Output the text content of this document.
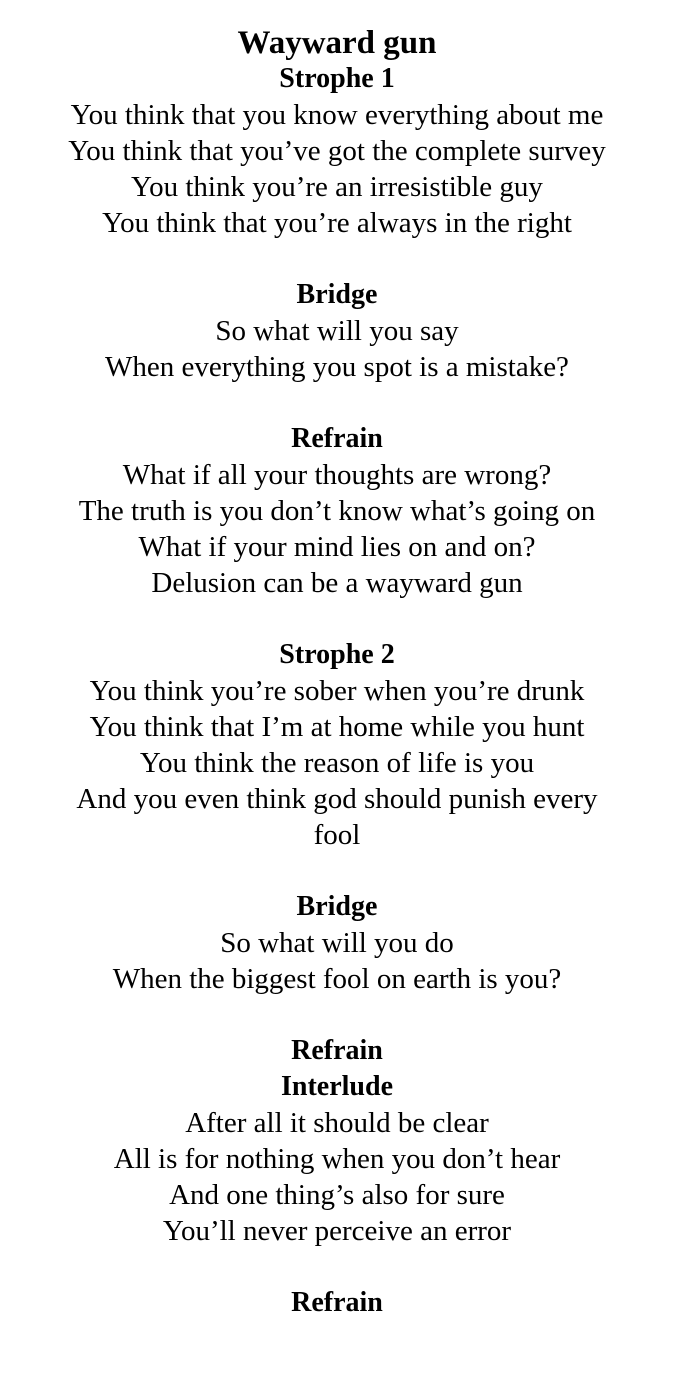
Wayward gun
Strophe 1
You think that you know everything about me
You think that you’ve got the complete survey
You think you’re an irresistible guy
You think that you’re always in the right
Bridge
So what will you say
When everything you spot is a mistake?
Refrain
What if all your thoughts are wrong?
The truth is you don’t know what’s going on
What if your mind lies on and on?
Delusion can be a wayward gun
Strophe 2
You think you’re sober when you’re drunk
You think that I’m at home while you hunt
You think the reason of life is you
And you even think god should punish every
fool
Bridge
So what will you do
When the biggest fool on earth is you?
Refrain
Interlude
After all it should be clear
All is for nothing when you don’t hear
And one thing’s also for sure
You’ll never perceive an error
Refrain
